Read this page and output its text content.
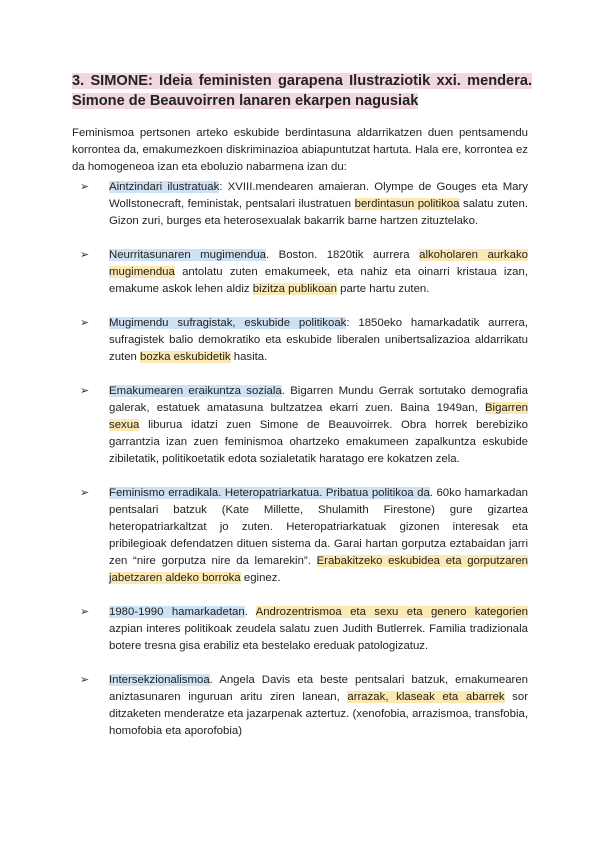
3. SIMONE: Ideia feministen garapena Ilustraziotik xxi. mendera. Simone de Beauvoirren lanaren ekarpen nagusiak

Feminismoa pertsonen arteko eskubide berdintasuna aldarrikatzen duen pentsamendu korrontea da, emakumezkoen diskriminazioa abiapuntutzat hartuta. Hala ere, korrontea ez da homogeneoa izan eta eboluzio nabarmena izan du:

➢	Aintzindari ilustratuak: XVIII.mendearen amaieran. Olympe de Gouges eta Mary Wollstonecraft, feministak, pentsalari ilustratuen berdintasun politikoa salatu zuten. Gizon zuri, burges eta heterosexualak bakarrik barne hartzen zituztelako.
➢	Neurritasunaren mugimendua. Boston. 1820tik aurrera alkoholaren aurkako mugimendua antolatu zuten emakumeek, eta nahiz eta oinarri kristaua izan, emakume askok lehen aldiz bizitza publikoan parte hartu zuten.
➢	Mugimendu sufragistak, eskubide politikoak: 1850eko hamarkadatik aurrera, sufragistek balio demokratiko eta eskubide liberalen unibertsalizazioa aldarrikatu zuten bozka eskubidetik hasita.
➢	Emakumearen eraikuntza soziala. Bigarren Mundu Gerrak sortutako demografia galerak, estatuek amatasuna bultzatzea ekarri zuen. Baina 1949an, Bigarren sexua liburua idatzi zuen Simone de Beauvoirrek. Obra horrek berebiziko garrantzia izan zuen feminismoa ohartzeko emakumeen zapalkuntza eskubide zibiletatik, politikoetatik edota sozialetatik haratago ere kokatzen zela.
➢	Feminismo erradikala. Heteropatriarkatua. Pribatua politikoa da. 60ko hamarkadan pentsalari batzuk (Kate Millette, Shulamith Firestone) gure gizartea heteropatriarkaltzat jo zuten. Heteropatriarkatuak gizonen interesak eta pribilegioak defendatzen dituen sistema da. Garai hartan gorputza eztabaidan jarri zen “nire gorputza nire da lemarekin”. Erabakitzeko eskubidea eta gorputzaren jabetzaren aldeko borroka eginez.
➢	1980-1990 hamarkadetan. Androzentrismoa eta sexu eta genero kategorien azpian interes politikoak zeudela salatu zuen Judith Butlerrek. Familia tradizionala botere tresna gisa erabiliz eta bestelako ereduak patologizatuz.
➢	Intersekzionalismoa. Angela Davis eta beste pentsalari batzuk, emakumearen aniztasunaren inguruan aritu ziren lanean, arrazak, klaseak eta abarrek sor ditzaketen menderatze eta jazarpenak aztertuz. (xenofobia, arrazismoa, transfobia, homofobia eta aporofobia)
